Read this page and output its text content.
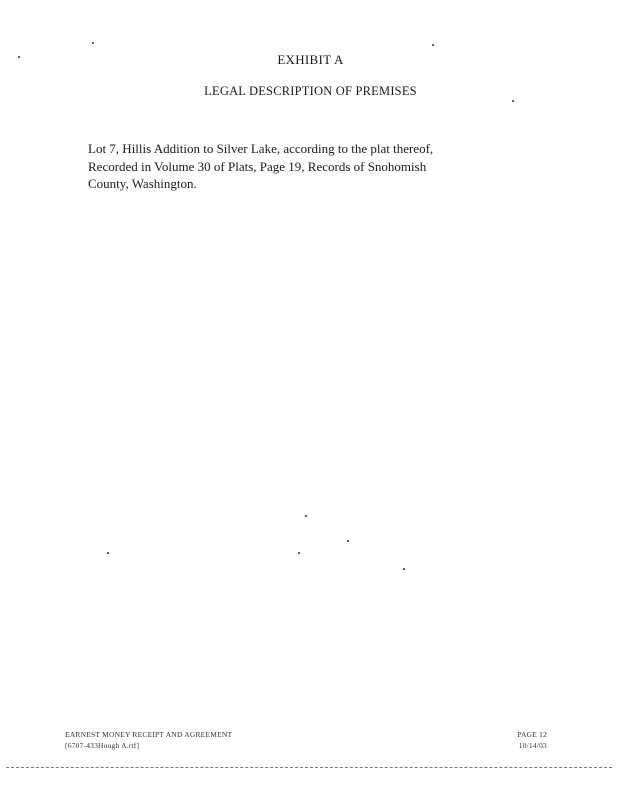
EXHIBIT A
LEGAL DESCRIPTION OF PREMISES
Lot 7, Hillis Addition to Silver Lake, according to the plat thereof,
Recorded in Volume 30 of Plats, Page 19, Records of Snohomish
County, Washington.
EARNEST MONEY RECEIPT AND AGREEMENT
[6707-433Hough A.rtf]
PAGE 12
10/14/03
